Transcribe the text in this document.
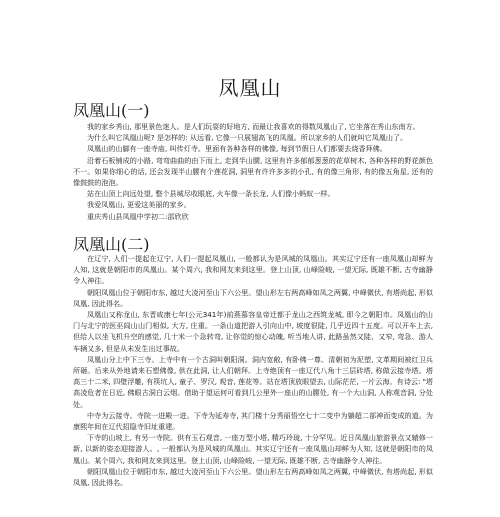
凤凰山
凤凰山(一)

我的家乡秀山, 那里景色迷人。是人们玩耍的好地方, 而最让我喜欢的得数凤凰山了, 它坐落在秀山东南方。

为什么叫它凤凰山呢? 是怎样的: 从远看, 它像一只展翅高飞的凤凰。所以家乡的人们就叫它凤凰山了。

凤凰山的山脚有一座寺庙, 叫传灯寺。里面有各种各样的佛像, 每到节假日人们都要去烧香拜佛。

沿着石板铺成的小路, 弯弯曲曲的由下而上, 走到半山腰, 这里有许多郁郁葱葱的花草树木, 各种各样的野花颜色不一。如果你细心的话, 还会发现半山腰有个莲花洞, 洞里有许许多多的小孔, 有的像三角形, 有的像五角星, 还有的像鼓鼓的泡泡。

站在山顶上向远处望, 整个县城尽收眼底, 火车像一条长龙, 人们像小蚂蚁一样。

我爱凤凰山, 更爱这美丽的家乡。

重庆秀山县凤凰中学初二:邵欣欣

凤凰山(二)

在辽宁, 人们一提起在辽宁, 人们一提起凤凰山, 一般都认为是风城的凤凰山。其实辽宁还有一座凤凰山却鲜为人知, 这就是朝阳市的凤凰山。某个周六, 我和网友来到这里。登上山顶, 山峰险峻, 一望无际, 既雄不断, 古寺幽静令人神往。

朝阳凤凰山位于朝阳市东, 越过大凌河至山下六公里。望山形左右两高峰如凤之两翼, 中峰微伏, 有塔尚起, 形似凤凰, 因此得名。

凤凰山又称龙山, 东晋咸康七年(公元341年)前燕慕容皇帝迁都于龙山之西筑龙城, 即今之朝阳市。凤凰山的山门与北宁的医巫闾山山门相似, 大方, 庄重。一条山道把游人引向山中, 坡度很陡, 几乎近四十五度。可以开车上去, 但给人以坐飞机升空的感觉, 几十米一个急转弯, 让你觉的惊心动魄, 听当地人讲, 此路虽然又陡、又窄, 弯急、游人车辆又多, 但是从未发生出过事故。

凤凰山分上中下三寺。上寺中有一个古洞叫朝阳洞。洞内宽敞, 有卧佛一尊。清朝初为泥塑, 文革期间被红卫兵所砸。后来从外地请来石塑佛像, 供在此洞, 让人们朝拜。上寺绝顶有一座辽代八角十三层砖塔, 称做云接寺塔。塔高三十二米, 四壁浮雕, 有筷坑人, 童子、罗汉, 观音, 莲花等。站在塔顶放眼望去, 山际茫茫, 一片云海。有诗云: "塔高凌危者在日近, 佛眼古洞白云烟。借助于望运何可看到几公里外一座山的山腰处, 有一个大山洞, 人称观音洞, 分处处。

中寺为云接寺。寺院一进殿一进。下寺为延寿寺, 其门楼十分秀丽悟空七十二变中为躺超二部神而变成的道。为康熙年间在辽代招隐寺旧址重建。

下寺的山坡上, 有另一寺院。供有玉石观音, 一座万型小塔, 精巧玲珑, 十分罕见。近日凤凰山旅游景点又辕修一新, 以新的姿态迎接游人。, 一般都认为是风城的凤凰山。其实辽宁还有一座凤凰山却鲜为人知, 这就是朝阳市的凤凰山。某个周六, 我和网友来到这里。登上山顶, 山峰险峻, 一望无际, 既雄不断, 古寺幽静令人神往。

朝阳凤凰山位于朝阳市东, 越过大凌河至山下六公里。望山形左右两高峰如凤之两翼, 中峰微伏, 有塔尚起, 形似凤凰, 因此得名。
